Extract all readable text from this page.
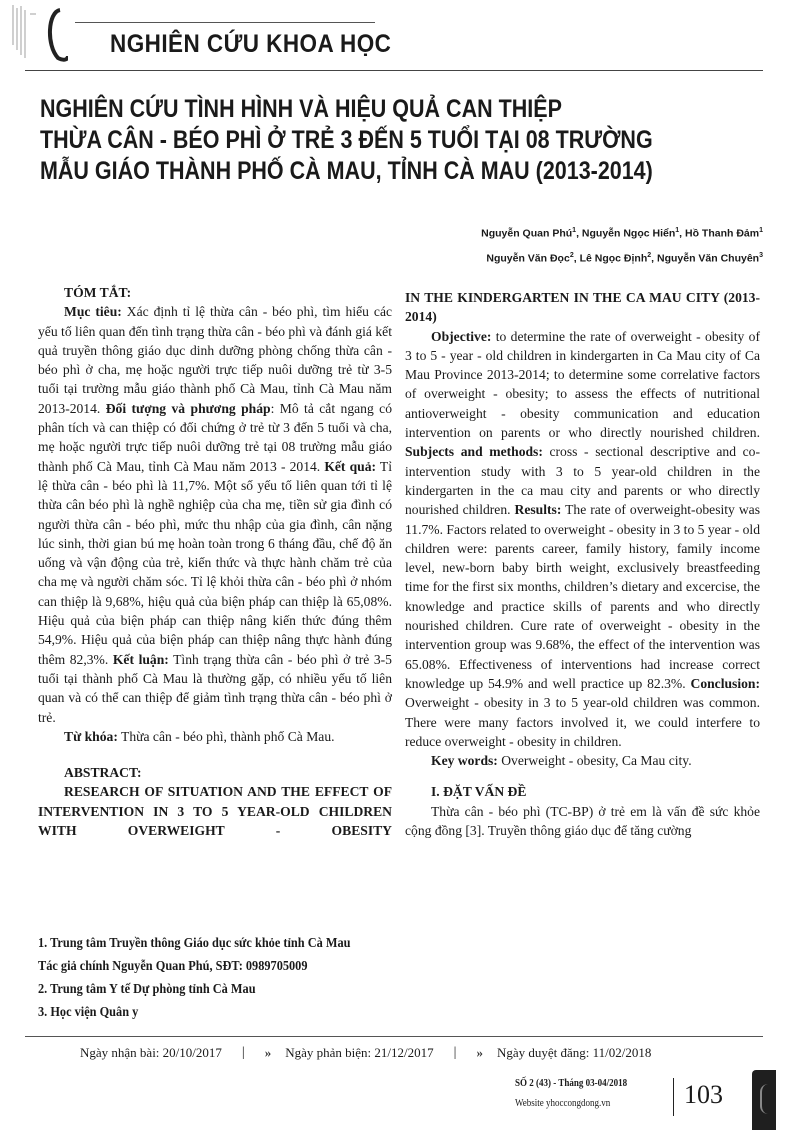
NGHIÊN CỨU KHOA HỌC
NGHIÊN CỨU TÌNH HÌNH VÀ HIỆU QUẢ CAN THIỆP
THỪA CÂN - BÉO PHÌ Ở TRẺ 3 ĐẾN 5 TUỔI TẠI 08 TRƯỜNG
MẪU GIÁO THÀNH PHỐ CÀ MAU, TỈNH CÀ MAU (2013-2014)
Nguyễn Quan Phú$^1$, Nguyễn Ngọc Hiển$^1$, Hồ Thanh Đảm$^1$
Nguyễn Văn Đọc$^2$, Lê Ngọc Định$^2$, Nguyễn Văn Chuyên$^3$

TÓM TẮT:

Mục tiêu: Xác định tỉ lệ thừa cân - béo phì, tìm hiểu các yếu tố liên quan đến tình trạng thừa cân - béo phì và đánh giá kết quả truyền thông giáo dục dinh dưỡng phòng chống thừa cân - béo phì ở cha, mẹ hoặc người trực tiếp nuôi dưỡng trẻ từ 3-5 tuổi tại trường mẫu giáo thành phố Cà Mau, tỉnh Cà Mau năm 2013-2014. Đối tượng và phương pháp: Mô tả cắt ngang có phân tích và can thiệp có đối chứng ở trẻ từ 3 đến 5 tuổi và cha, mẹ hoặc người trực tiếp nuôi dưỡng trẻ tại 08 trường mẫu giáo thành phố Cà Mau, tỉnh Cà Mau năm 2013 - 2014. Kết quả: Tỉ lệ thừa cân - béo phì là 11,7%. Một số yếu tố liên quan tới tỉ lệ thừa cân béo phì là nghề nghiệp của cha mẹ, tiền sử gia đình có người thừa cân - béo phì, mức thu nhập của gia đình, cân nặng lúc sinh, thời gian bú mẹ hoàn toàn trong 6 tháng đầu, chế độ ăn uống và vận động của trẻ, kiến thức và thực hành chăm trẻ của cha mẹ và người chăm sóc. Tỉ lệ khỏi thừa cân - béo phì ở nhóm can thiệp là 9,68%, hiệu quả của biện pháp can thiệp là 65,08%. Hiệu quả của biện pháp can thiệp nâng kiến thức đúng thêm 54,9%. Hiệu quả của biện pháp can thiệp nâng thực hành đúng thêm 82,3%. Kết luận: Tình trạng thừa cân - béo phì ở trẻ 3-5 tuổi tại thành phố Cà Mau là thường gặp, có nhiều yếu tố liên quan và có thể can thiệp để giảm tình trạng thừa cân - béo phì ở trẻ.

Từ khóa: Thừa cân - béo phì, thành phố Cà Mau.

ABSTRACT:

RESEARCH OF SITUATION AND THE EFFECT OF INTERVENTION IN 3 TO 5 YEAR-OLD CHILDREN WITH OVERWEIGHT - OBESITY

IN THE KINDERGARTEN IN THE CA MAU CITY (2013-2014)

Objective: to determine the rate of overweight - obesity of 3 to 5 - year - old children in kindergarten in Ca Mau city of Ca Mau Province 2013-2014; to determine some correlative factors of overweight - obesity; to assess the effects of nutritional antioverweight - obesity communication and education intervention on parents or who directly nourished children. Subjects and methods: cross - sectional descriptive and co-intervention study with 3 to 5 year-old children in the kindergarten in the ca mau city and parents or who directly nourished children. Results: The rate of overweight-obesity was 11.7%. Factors related to overweight - obesity in 3 to 5 year - old children were: parents career, family history, family income level, new-born baby birth weight, exclusively breastfeeding time for the first six months, children’s dietary and excercise, the knowledge and practice skills of parents and who directly nourished children. Cure rate of overweight - obesity in the intervention group was 9.68%, the effect of the intervention was 65.08%. Effectiveness of interventions had increase correct knowledge up 54.9% and well practice up 82.3%. Conclusion: Overweight - obesity in 3 to 5 year-old children was common. There were many factors involved it, we could interfere to reduce overweight - obesity in children.

Key words: Overweight - obesity, Ca Mau city.

I. ĐẶT VẤN ĐỀ

Thừa cân - béo phì (TC-BP) ở trẻ em là vấn đề sức khỏe cộng đồng [3]. Truyền thông giáo dục để tăng cường

1. Trung tâm Truyền thông Giáo dục sức khỏe tỉnh Cà Mau
Tác giả chính Nguyễn Quan Phú, SĐT: 0989705009
2. Trung tâm Y tế Dự phòng tỉnh Cà Mau
3. Học viện Quân y
Ngày nhận bài: 20/10/2017	|	» Ngày phản biện: 21/12/2017	|	» Ngày duyệt đăng: 11/02/2018
SỐ 2 (43) - Tháng 03-04/2018
Website yhoccongdong.vn	103
